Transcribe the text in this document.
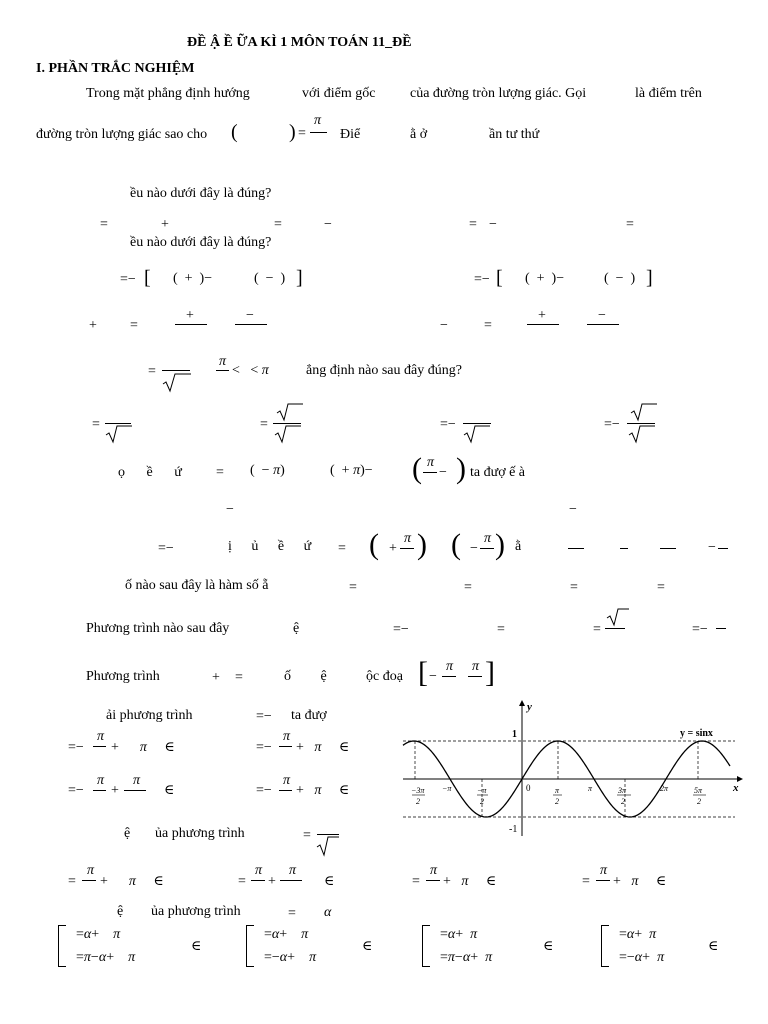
ĐỀ Ậ Ề ỮA KÌ 1 MÔN TOÁN 11_ĐỀ
I. PHẦN TRẮC NGHIỆM
Trong mặt phẳng định hướng	với điểm gốc của đường tròn lượng giác. Gọi	là điểm trên
đường tròn lượng giác sao cho (	) =
π
Điể	ằ ở	ần tư thứ
ều nào dưới đây là đúng?
=	+	=	−	= −	=
ều nào dưới đây là đúng?
=− [ (  +  )−	(  −  ) ]	=− [ (  +  )−	(  −  ) ]
+ =
+	−
−	=
+	−
=
π
<   < π	ẳng định nào sau đây đúng?
=	=	=−	=−
ọ ề ứ = (  − π)	(  + π)− ( π
− ) ta đượ ế à
−	−
=−	ị ủ ề ứ = ( +
π ) ( −
π ) ằ	−
ố nào sau đây là hàm số ẵ	=	=	=	=
Phương trình nào sau đây	ệ	=−	=	=	=−
Phương trình	+ =	ố ệ	ộc đoạ [ −
π π ]
ải phương trình	=− ta đượ
=−
π
+      π     ∈	=−
π
+   π     ∈
=−
π
+
π
∈	=−
π
+   π     ∈
y
x
y = sinx
1
-1
0
−3π
2
−π	−π
2
π
2
π	3π
2
2π	5π
2
ệ ủa phương trình	=
=
π
+      π     ∈	=
π
+
π
∈	=
π
+   π     ∈	=
π
+   π     ∈
ệ ủa phương trình	= α
=α+    π
=π−α+    π
∈
=α+    π
=−α+    π
∈
=α+  π
=π−α+  π
∈
=α+  π
=−α+  π
∈
